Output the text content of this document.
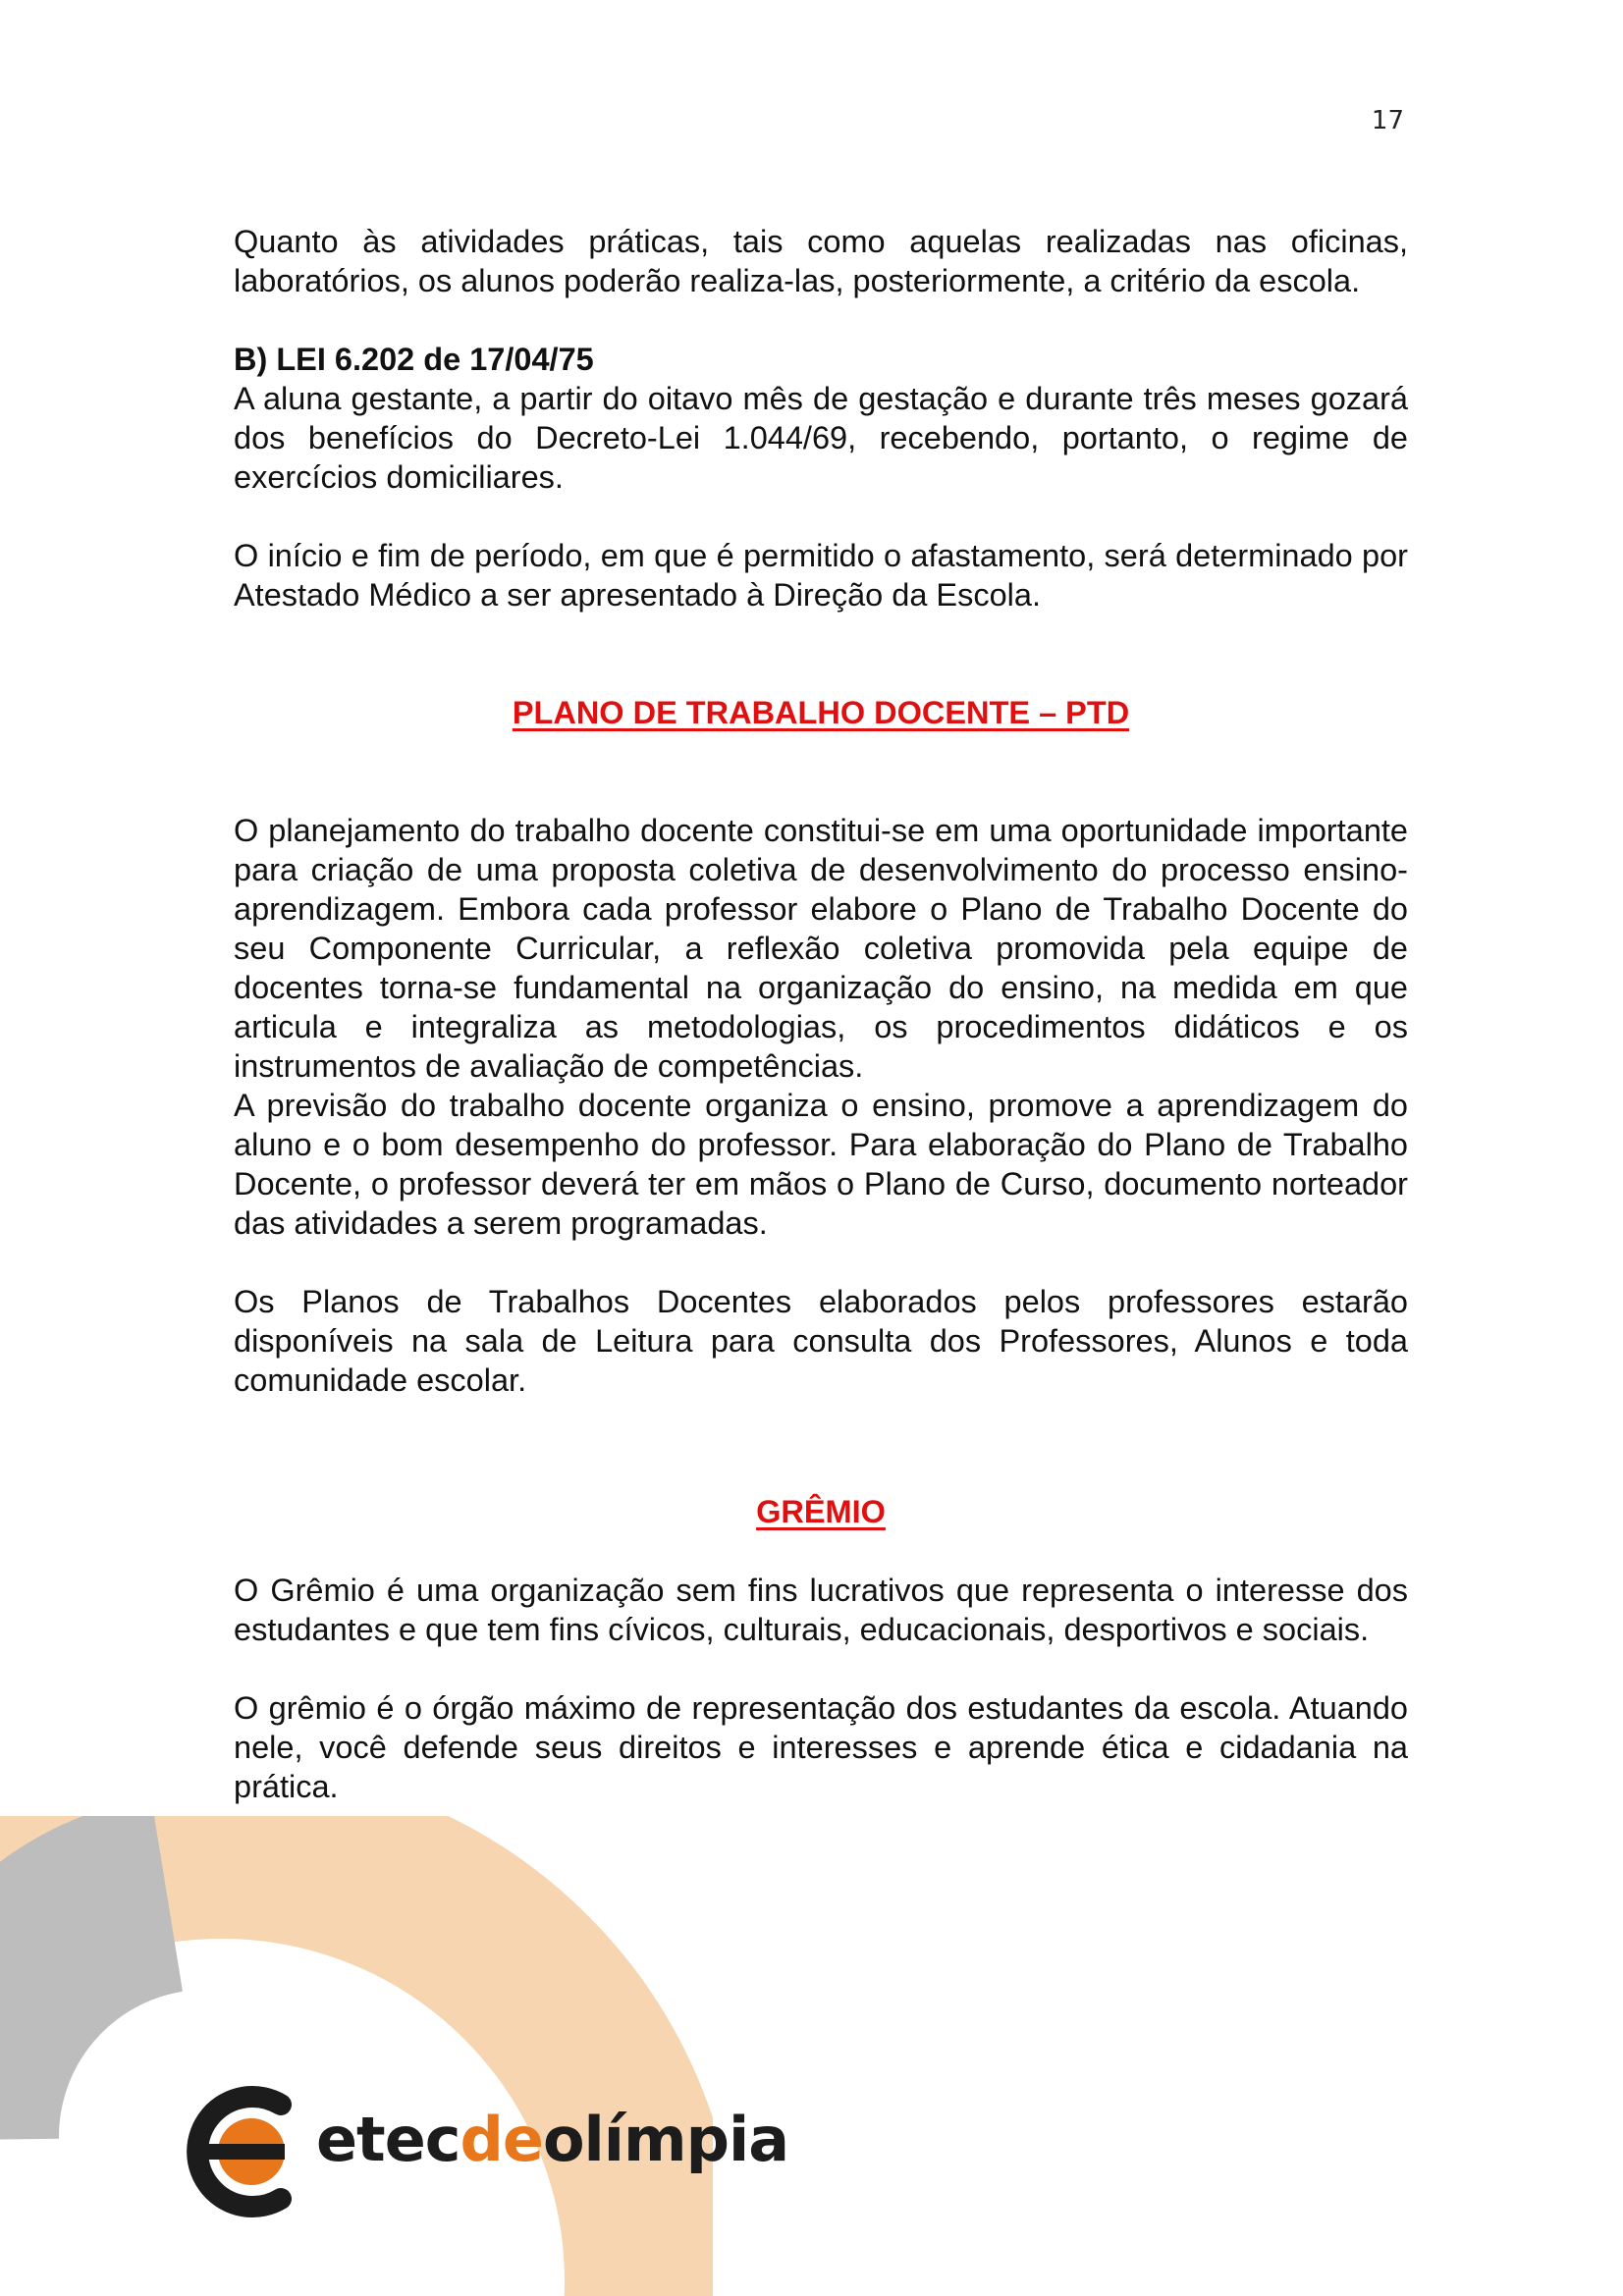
17

Quanto às atividades práticas, tais como aquelas realizadas nas oficinas, laboratórios, os alunos poderão realiza-las, posteriormente, a critério da escola.

B) LEI 6.202 de 17/04/75

A aluna gestante, a partir do oitavo mês de gestação e durante três meses gozará dos benefícios do Decreto-Lei 1.044/69, recebendo, portanto, o regime de exercícios domiciliares.

O início e fim de período, em que é permitido o afastamento, será determinado por Atestado Médico a ser apresentado à Direção da Escola.

PLANO DE TRABALHO DOCENTE – PTD

O planejamento do trabalho docente constitui-se em uma oportunidade importante para criação de uma proposta coletiva de desenvolvimento do processo ensino- aprendizagem. Embora cada professor elabore o Plano de Trabalho Docente do seu Componente Curricular, a reflexão coletiva promovida pela equipe de docentes torna-se fundamental na organização do ensino, na medida em que articula e integraliza as metodologias, os procedimentos didáticos e os instrumentos de avaliação de competências.

A previsão do trabalho docente organiza o ensino, promove a aprendizagem do aluno e o bom desempenho do professor. Para elaboração do Plano de Trabalho Docente, o professor deverá ter em mãos o Plano de Curso, documento norteador das atividades a serem programadas.

Os Planos de Trabalhos Docentes elaborados pelos professores estarão disponíveis na sala de Leitura para consulta dos Professores, Alunos e toda comunidade escolar.

GRÊMIO

O Grêmio é uma organização sem fins lucrativos que representa o interesse dos estudantes e que tem fins cívicos, culturais, educacionais, desportivos e sociais.

O grêmio é o órgão máximo de representação dos estudantes da escola. Atuando nele, você defende seus direitos e interesses e aprende ética e cidadania na prática.

etecdeolímpia
